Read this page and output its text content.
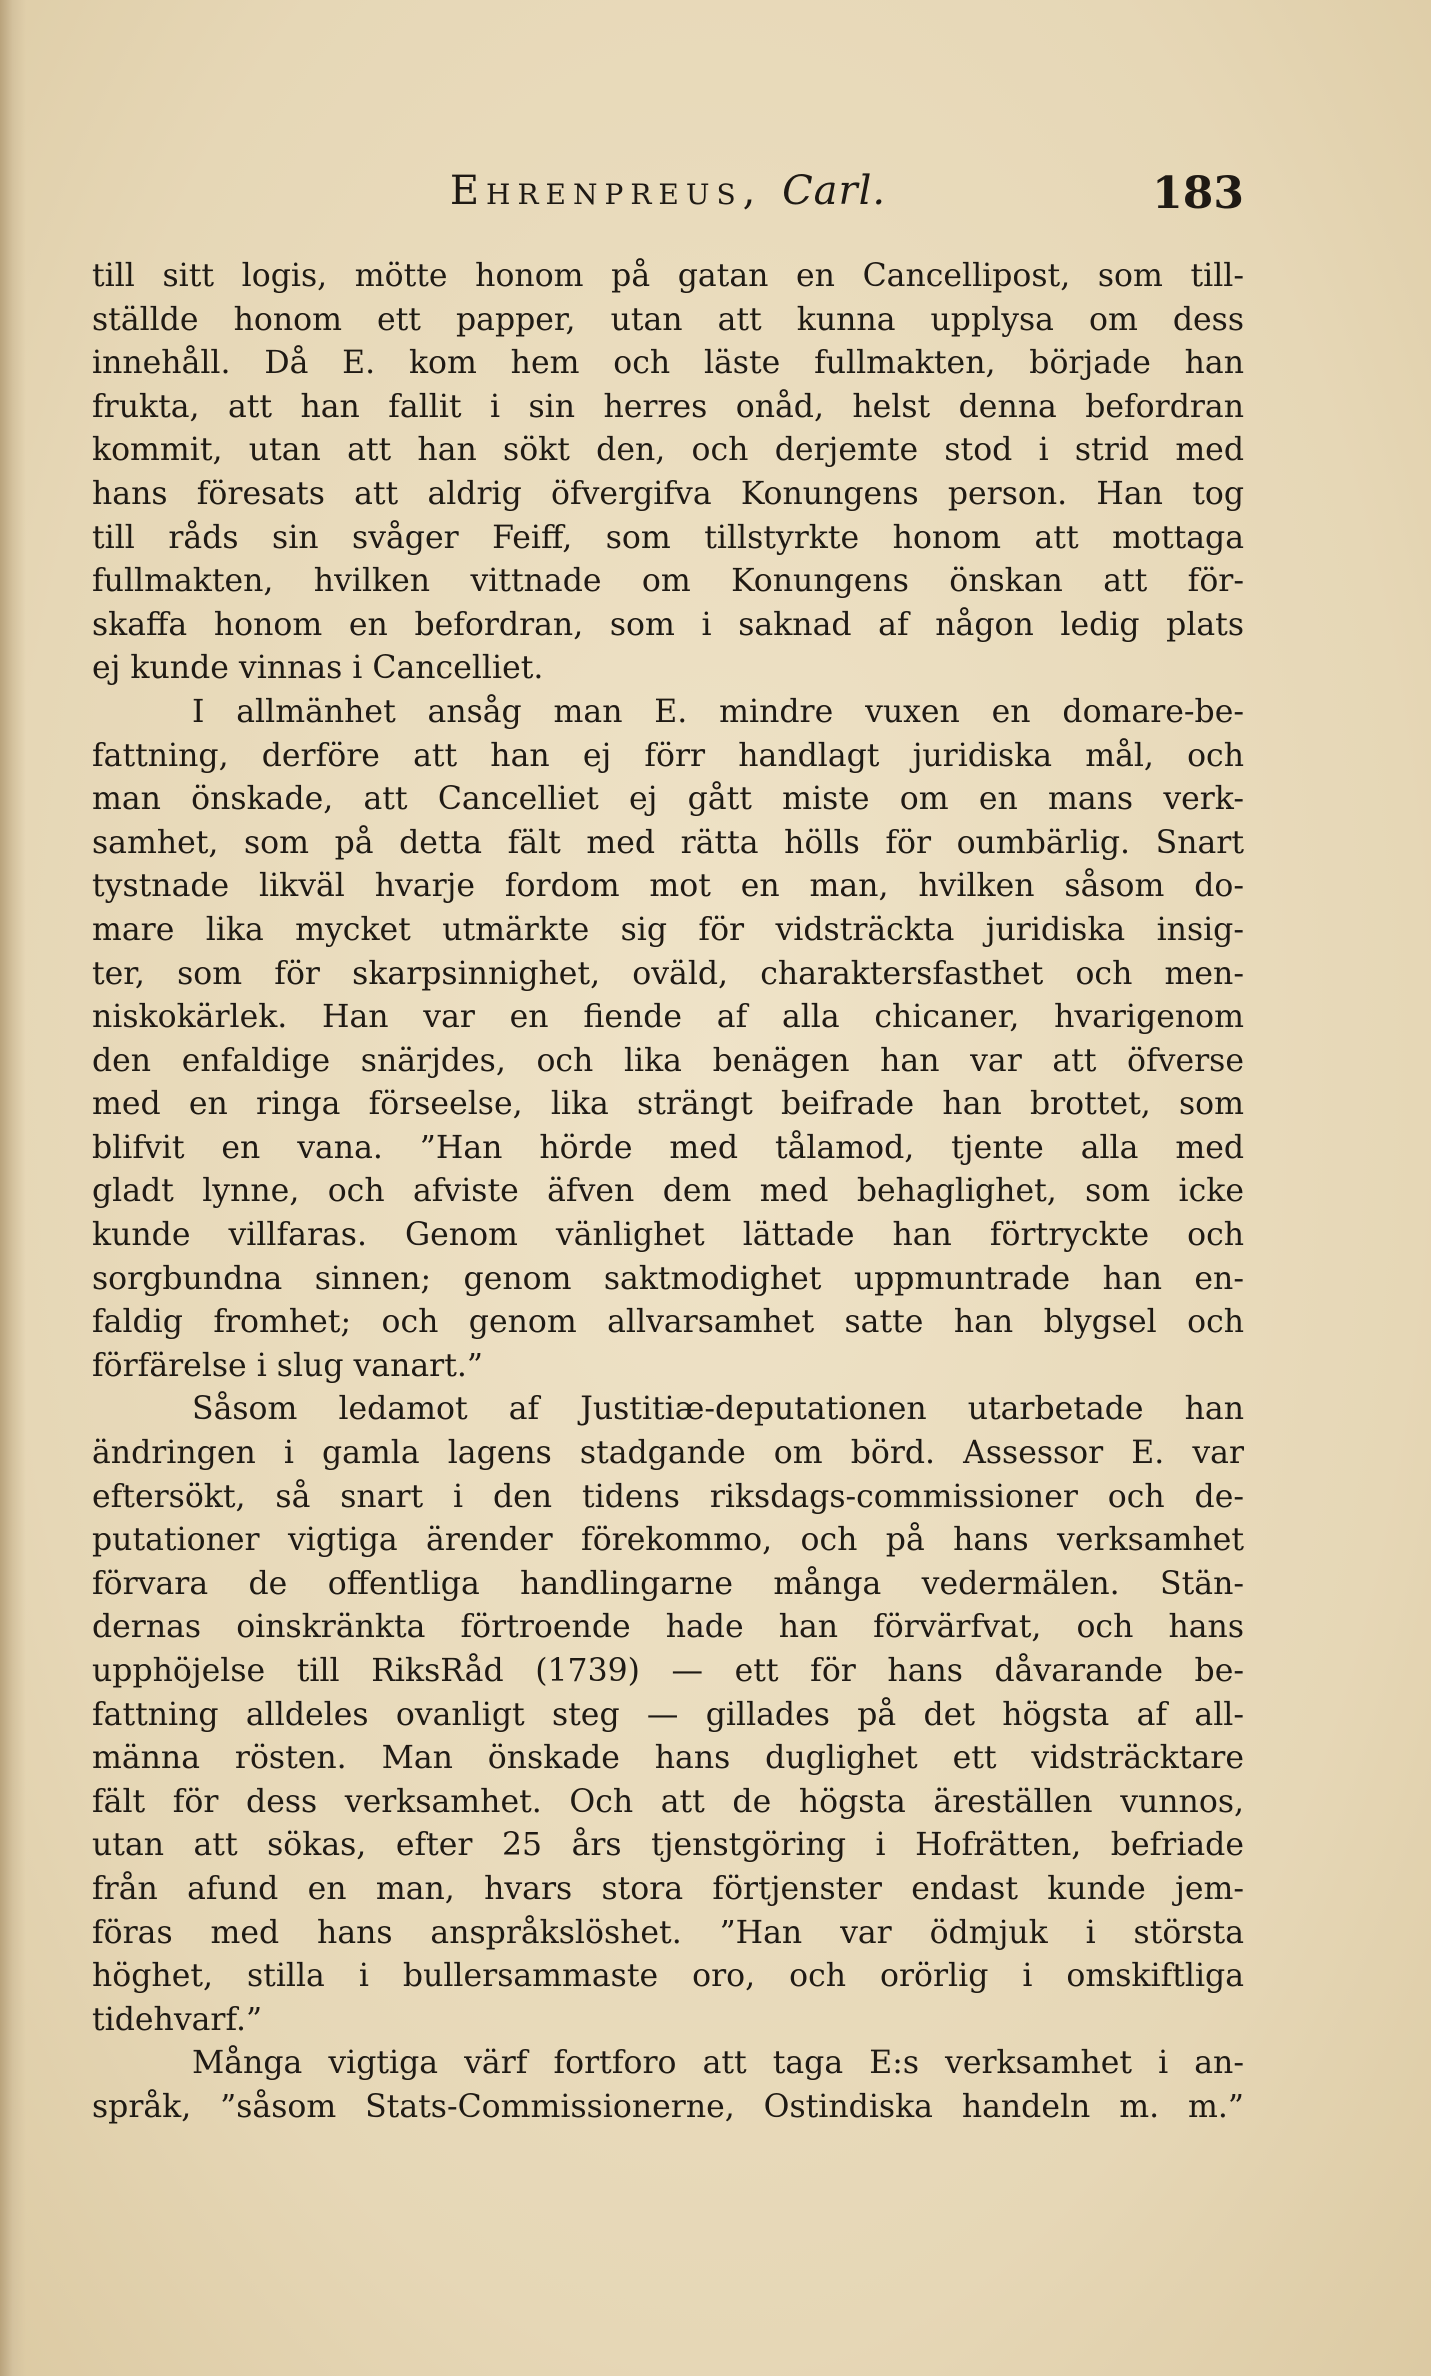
Ehrenpreus, Carl.	183
till sitt logis, mötte honom på gatan en Cancellipost, som till-
ställde honom ett papper, utan att kunna upplysa om dess
innehåll. Då E. kom hem och läste fullmakten, började han
frukta, att han fallit i sin herres onåd, helst denna befordran
kommit, utan att han sökt den, och derjemte stod i strid med
hans föresats att aldrig öfvergifva Konungens person. Han tog
till råds sin svåger Feiff, som tillstyrkte honom att mottaga
fullmakten, hvilken vittnade om Konungens önskan att för-
skaffa honom en befordran, som i saknad af någon ledig plats
ej kunde vinnas i Cancelliet.
I allmänhet ansåg man E. mindre vuxen en domare-be-
fattning, derföre att han ej förr handlagt juridiska mål, och
man önskade, att Cancelliet ej gått miste om en mans verk-
samhet, som på detta fält med rätta hölls för oumbärlig. Snart
tystnade likväl hvarje fordom mot en man, hvilken såsom do-
mare lika mycket utmärkte sig för vidsträckta juridiska insig-
ter, som för skarpsinnighet, oväld, charaktersfasthet och men-
niskokärlek. Han var en fiende af alla chicaner, hvarigenom
den enfaldige snärjdes, och lika benägen han var att öfverse
med en ringa förseelse, lika strängt beifrade han brottet, som
blifvit en vana. ”Han hörde med tålamod, tjente alla med
gladt lynne, och afviste äfven dem med behaglighet, som icke
kunde villfaras. Genom vänlighet lättade han förtryckte och
sorgbundna sinnen; genom saktmodighet uppmuntrade han en-
faldig fromhet; och genom allvarsamhet satte han blygsel och
förfärelse i slug vanart.”
Såsom ledamot af Justitiæ-deputationen utarbetade han
ändringen i gamla lagens stadgande om börd. Assessor E. var
eftersökt, så snart i den tidens riksdags-commissioner och de-
putationer vigtiga ärender förekommo, och på hans verksamhet
förvara de offentliga handlingarne många vedermälen. Stän-
dernas oinskränkta förtroende hade han förvärfvat, och hans
upphöjelse till RiksRåd (1739) — ett för hans dåvarande be-
fattning alldeles ovanligt steg — gillades på det högsta af all-
männa rösten. Man önskade hans duglighet ett vidsträcktare
fält för dess verksamhet. Och att de högsta äreställen vunnos,
utan att sökas, efter 25 års tjenstgöring i Hofrätten, befriade
från afund en man, hvars stora förtjenster endast kunde jem-
föras med hans anspråkslöshet. ”Han var ödmjuk i största
höghet, stilla i bullersammaste oro, och orörlig i omskiftliga
tidehvarf.”
Många vigtiga värf fortforo att taga E:s verksamhet i an-
språk, ”såsom Stats-Commissionerne, Ostindiska handeln m. m.”
